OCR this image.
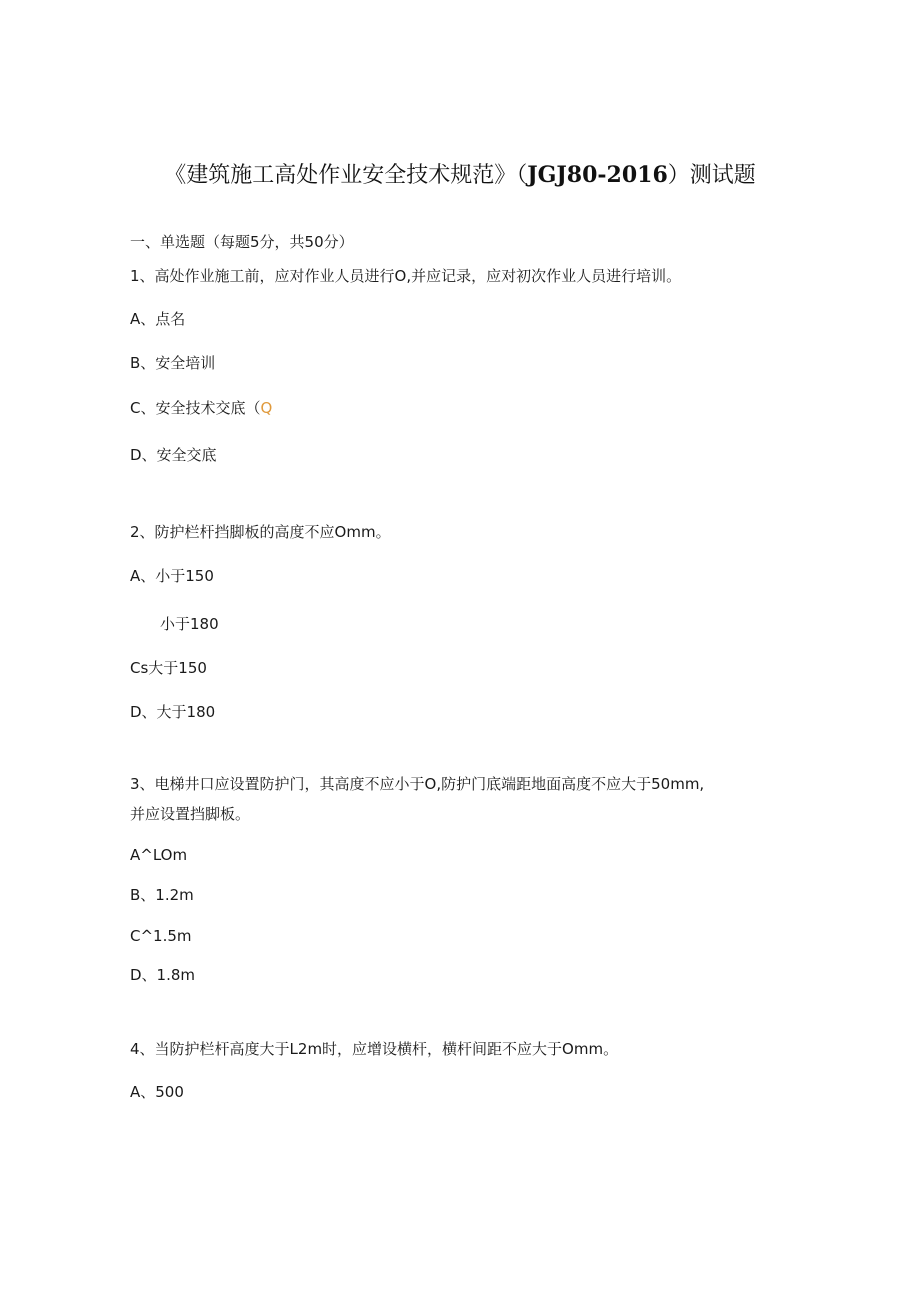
《建筑施工高处作业安全技术规范》（JGJ80-2016）测试题
一、单选题（每题5分，共50分）
1、高处作业施工前，应对作业人员进行O,并应记录，应对初次作业人员进行培训。
A、点名
B、安全培训
C、安全技术交底（Q
D、安全交底
2、防护栏杆挡脚板的高度不应Omm。
A、小于150
小于180
Cs大于150
D、大于180
3、电梯井口应设置防护门，其高度不应小于O,防护门底端距地面高度不应大于50mm,
并应设置挡脚板。
A^LOm
B、1.2m
C^1.5m
D、1.8m
4、当防护栏杆高度大于L2m时，应增设横杆，横杆间距不应大于Omm。
A、500
